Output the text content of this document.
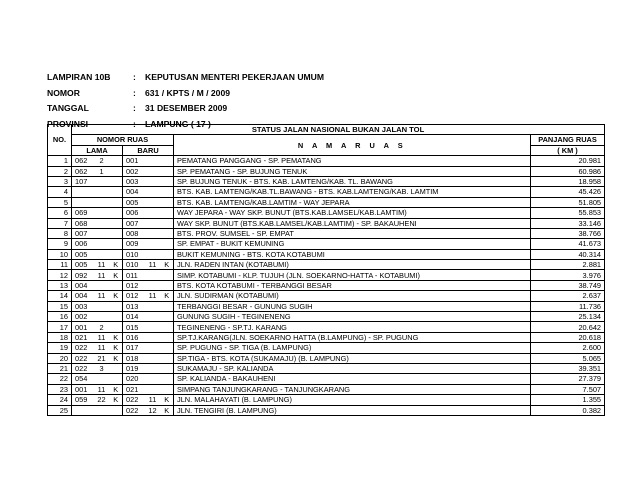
LAMPIRAN 10B	:	KEPUTUSAN MENTERI PEKERJAAN UMUM
NOMOR	:	631 / KPTS / M / 2009
TANGGAL	:	31 DESEMBER 2009
PROVINSI	:	LAMPUNG ( 17 )
NO.	STATUS JALAN NASIONAL BUKAN JALAN TOL							
	NOMOR RUAS						N A M A R U A S	PANJANG RUAS
	LAMA			BARU				( KM )
1	062	2		001			PEMATANG PANGGANG - SP. PEMATANG	20.981
2	062	1		002			SP. PEMATANG - SP. BUJUNG TENUK	60.986
3	107			003			SP. BUJUNG TENUK - BTS. KAB. LAMTENG/KAB. TL. BAWANG	18.958
4				004			BTS. KAB. LAMTENG/KAB.TL.BAWANG - BTS. KAB.LAMTENG/KAB. LAMTIM	45.426
5				005			BTS. KAB. LAMTENG/KAB.LAMTIM - WAY JEPARA	51.805
6	069			006			WAY JEPARA - WAY SKP. BUNUT (BTS.KAB.LAMSEL/KAB.LAMTIM)	55.853
7	068			007			WAY SKP. BUNUT (BTS.KAB.LAMSEL/KAB.LAMTIM) - SP. BAKAUHENI	33.146
8	007			008			BTS. PROV. SUMSEL - SP. EMPAT	38.766
9	006			009			SP. EMPAT - BUKIT KEMUNING	41.673
10	005			010			BUKIT KEMUNING - BTS. KOTA KOTABUMI	40.314
11	005	11	K	010	11	K	JLN. RADEN INTAN (KOTABUMI)	2.881
12	092	11	K	011			SIMP. KOTABUMI - KLP. TUJUH (JLN. SOEKARNO-HATTA - KOTABUMI)	3.976
13	004			012			BTS. KOTA KOTABUMI - TERBANGGI BESAR	38.749
14	004	11	K	012	11	K	JLN. SUDIRMAN (KOTABUMI)	2.637
15	003			013			TERBANGGI BESAR - GUNUNG SUGIH	11.736
16	002			014			GUNUNG SUGIH - TEGINENENG	25.134
17	001	2		015			TEGINENENG - SP.TJ. KARANG	20.642
18	021	11	K	016			SP.TJ.KARANG(JLN. SOEKARNO HATTA (B.LAMPUNG) - SP. PUGUNG	20.618
19	022	11	K	017			SP. PUGUNG - SP. TIGA (B. LAMPUNG)	2.600
20	022	21	K	018			SP.TIGA - BTS. KOTA (SUKAMAJU) (B. LAMPUNG)	5.065
21	022	3		019			SUKAMAJU - SP. KALIANDA	39.351
22	054			020			SP. KALIANDA - BAKAUHENI	27.379
23	001	11	K	021			SIMPANG TANJUNGKARANG - TANJUNGKARANG	7.507
24	059	22	K	022	11	K	JLN. MALAHAYATI (B. LAMPUNG)	1.355
25				022	12	K	JLN. TENGIRI (B. LAMPUNG)	0.382
